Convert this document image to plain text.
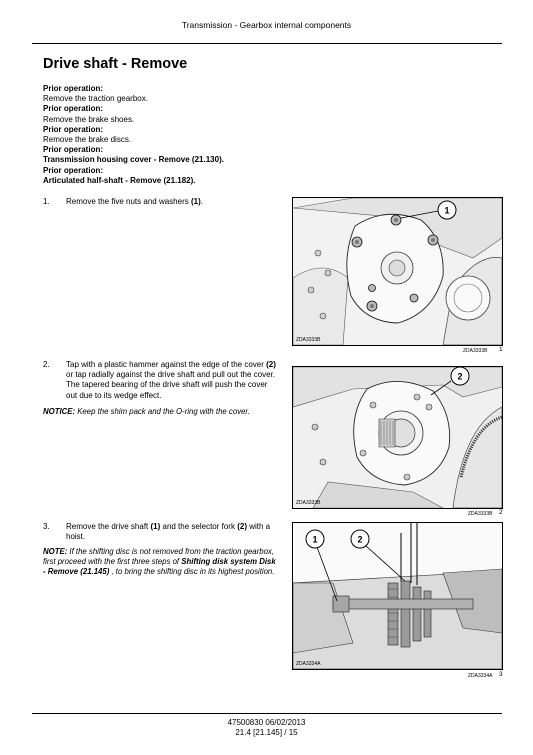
Transmission - Gearbox internal components
Drive shaft - Remove
Prior operation:
Remove the traction gearbox.
Prior operation:
Remove the brake shoes.
Prior operation:
Remove the brake discs.
Prior operation:
Transmission housing cover - Remove (21.130).
Prior operation:
Articulated half-shaft - Remove (21.182).
1. Remove the five nuts and washers (1).
1
ZDA3333B
ZDA3333B 1
2. Tap with a plastic hammer against the edge of the cover (2) or tap radially against the drive shaft and pull out the cover. The tapered bearing of the drive shaft will push the cover out due to its wedge effect.
NOTICE: Keep the shim pack and the O-ring with the cover.
2
ZDA3333B
ZDA3333B 2
3. Remove the drive shaft (1) and the selector fork (2) with a hoist.
NOTE: If the shifting disc is not removed from the traction gearbox, first proceed with the first three steps of Shifting disk system Disk - Remove (21.145) , to bring the shifting disc in its highest position.
1	2
ZDA3334A
ZDA3334A 3
47500830 06/02/2013
21.4 [21.145] / 15
